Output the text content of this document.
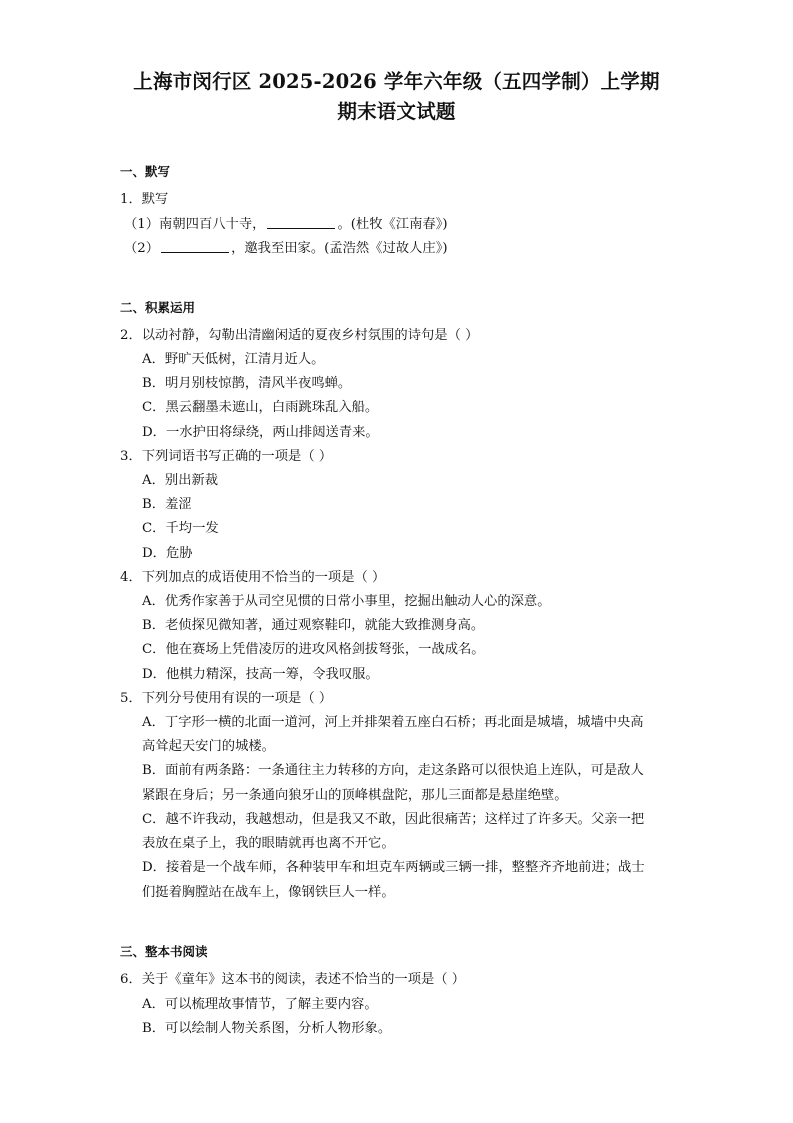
上海市闵行区 2025-2026 学年六年级（五四学制）上学期
期末语文试题
一、默写
1．默写
（1）南朝四百八十寺，	。(杜牧《江南春》)
（2）	，邀我至田家。(孟浩然《过故人庄》)
二、积累运用
2．以动衬静，勾勒出清幽闲适的夏夜乡村氛围的诗句是（ ）
A．野旷天低树，江清月近人。
B．明月别枝惊鹊，清风半夜鸣蝉。
C．黑云翻墨未遮山，白雨跳珠乱入船。
D．一水护田将绿绕，两山排闼送青来。
3．下列词语书写正确的一项是（ ）
A．别出新裁
B．羞涩
C．千均一发
D．危胁
4．下列加点的成语使用不恰当的一项是（ ）
A．优秀作家善于从司空见惯的日常小事里，挖掘出触动人心的深意。
B．老侦探见微知著，通过观察鞋印，就能大致推测身高。
C．他在赛场上凭借凌厉的进攻风格剑拔弩张，一战成名。
D．他棋力精深，技高一筹，令我叹服。
5．下列分号使用有误的一项是（ ）
A．丁字形一横的北面一道河，河上并排架着五座白石桥；再北面是城墙，城墙中央高
高耸起天安门的城楼。
B．面前有两条路：一条通往主力转移的方向，走这条路可以很快追上连队，可是敌人
紧跟在身后；另一条通向狼牙山的顶峰棋盘陀，那儿三面都是悬崖绝壁。
C．越不许我动，我越想动，但是我又不敢，因此很痛苦；这样过了许多天。父亲一把
表放在桌子上，我的眼睛就再也离不开它。
D．接着是一个战车师，各种装甲车和坦克车两辆或三辆一排，整整齐齐地前进；战士
们挺着胸膛站在战车上，像钢铁巨人一样。
三、整本书阅读
6．关于《童年》这本书的阅读，表述不恰当的一项是（ ）
A．可以梳理故事情节，了解主要内容。
B．可以绘制人物关系图，分析人物形象。
